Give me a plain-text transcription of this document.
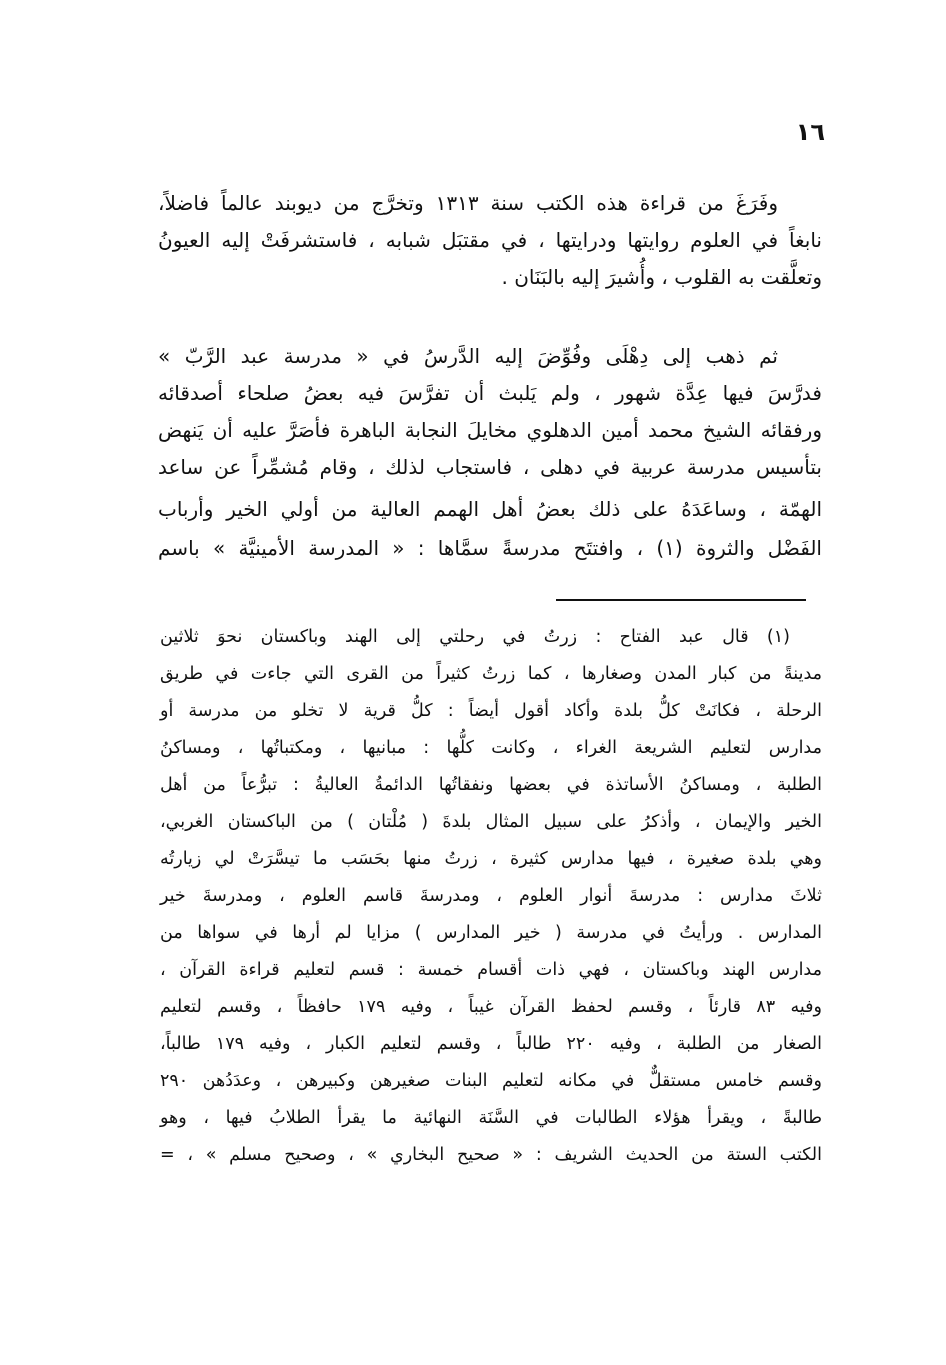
١٦
وفَرَغَ من قراءة هذه الكتب سنة ١٣١٣ وتخرَّج من ديوبند عالماً فاضلاً،
نابغاً في العلوم روايتها ودرايتها ، في مقتبَل شبابه ، فاستشرفَتْ إليه العيونُ
وتعلَّقت به القلوب ، وأُشيرَ إليه بالبَنَان .
ثم ذهب إلى دِهْلَى وفُوِّضَ إليه الدَّرسُ في « مدرسة عبد الرَّبّ »
فدرَّسَ فيها عِدَّة شهور ، ولم يَلبث أن تفرَّسَ فيه بعضُ صلحاء أصدقائه
ورفقائه الشيخ محمد أمين الدهلوي مخايلَ النجابة الباهرة فأصَرَّ عليه أن يَنهض
بتأسيس مدرسة عربية في دهلى ، فاستجاب لذلك ، وقام مُشمِّراً عن ساعد
الهمّة ، وساعَدَهُ على ذلك بعضُ أهل الهمم العالية من أولي الخير وأرباب
الفَضْل والثروة (١) ، وافتتَح مدرسةً سمَّاها : « المدرسة الأمينيَّة » باسم
(١) قال عبد الفتاح : زرتُ في رحلتي إلى الهند وباكستان نحوَ ثلاثين
مدينةً من كبار المدن وصغارها ، كما زرتُ كثيراً من القرى التي جاءت في طريق
الرحلة ، فكانَتْ كلُّ بلدة وأكاد أقول أيضاً : كلُّ قرية لا تخلو من مدرسة أو
مدارس لتعليم الشريعة الغراء ، وكانت كلُّها : مبانيها ، ومكتباتُها ، ومساكنُ
الطلبة ، ومساكنُ الأساتذة في بعضها ونفقاتُها الدائمةُ العاليةُ : تبرُّعاً من أهل
الخير والإيمان ، وأذكرُ على سبيل المثال بلدةَ ( مُلْتان ) من الباكستان الغربي،
وهي بلدة صغيرة ، فيها مدارس كثيرة ، زرتُ منها بحَسَب ما تيسَّرَتْ لي زيارتُه
ثلاثَ مدارس : مدرسةَ أنوار العلوم ، ومدرسةَ قاسم العلوم ، ومدرسةَ خير
المدارس . ورأيتُ في مدرسة ( خير المدارس ) مزايا لم أرها في سواها من
مدارس الهند وباكستان ، فهي ذات أقسام خمسة : قسم لتعليم قراءة القرآن ،
وفيه ٨٣ قارئاً ، وقسم لحفظ القرآن غيباً ، وفيه ١٧٩ حافظاً ، وقسم لتعليم
الصغار من الطلبة ، وفيه ٢٢٠ طالباً ، وقسم لتعليم الكبار ، وفيه ١٧٩ طالباً،
وقسم خامس مستقلٌّ في مكانه لتعليم البنات صغيرهن وكبيرهن ، وعدَدُهن ٢٩٠
طالبةً ، ويقرأ هؤلاء الطالبات في السَّنَة النهائية ما يقرأ الطلابُ فيها ، وهو
الكتب الستة من الحديث الشريف : « صحيح البخاري » ، وصحيح مسلم » ، =
